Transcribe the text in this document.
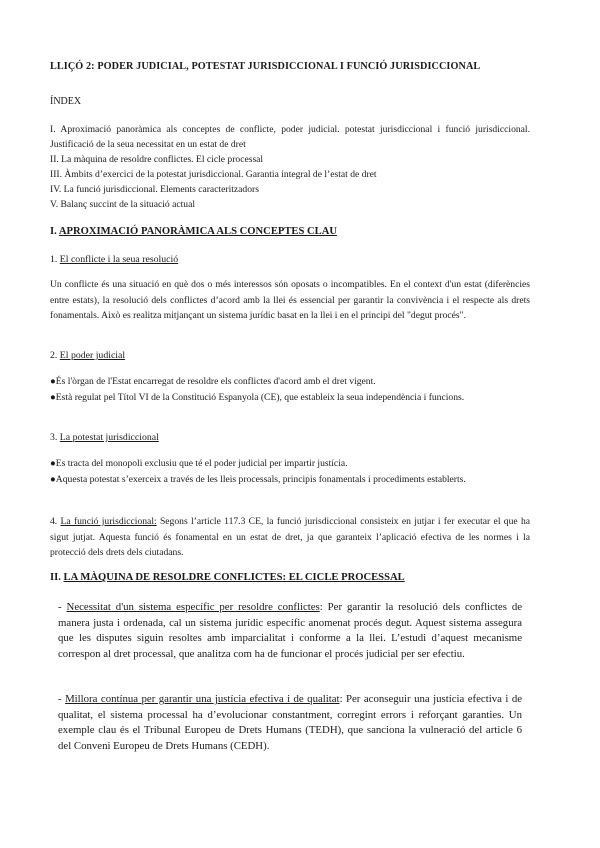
LLIÇÓ 2: PODER JUDICIAL, POTESTAT JURISDICCIONAL I FUNCIÓ JURISDICCIONAL
ÍNDEX
I. Aproximació panoràmica als conceptes de conflicte, poder judicial. potestat jurisdiccional i funció jurisdiccional. Justificació de la seua necessitat en un estat de dret
II. La màquina de resoldre conflictes. El cicle processal
III. Àmbits d’exercici de la potestat jurisdiccional. Garantia integral de l’estat de dret
IV. La funció jurisdiccional. Elements caracteritzadors
V. Balanç succint de la situació actual
I. APROXIMACIÓ PANORÀMICA ALS CONCEPTES CLAU
1. El conflicte i la seua resolució
Un conflicte és una situació en què dos o més interessos són oposats o incompatibles. En el context d'un estat (diferències entre estats), la resolució dels conflictes d’acord amb la llei és essencial per garantir la convivència i el respecte als drets fonamentals. Això es realitza mitjançant un sistema jurídic basat en la llei i en el principi del "degut procés".
2. El poder judicial
●És l'òrgan de l'Estat encarregat de resoldre els conflictes d'acord amb el dret vigent.
●Està regulat pel Títol VI de la Constitució Espanyola (CE), que estableix la seua independència i funcions.
3. La potestat jurisdiccional
●Es tracta del monopoli exclusiu que té el poder judicial per impartir justícia.
●Aquesta potestat s’exerceix a través de les lleis processals, principis fonamentals i procediments establerts.
4. La funció jurisdiccional: Segons l’article 117.3 CE, la funció jurisdiccional consisteix en jutjar i fer executar el que ha sigut jutjat. Aquesta funció és fonamental en un estat de dret, ja que garanteix l’aplicació efectiva de les normes i la protecció dels drets dels ciutadans.
II. LA MÀQUINA DE RESOLDRE CONFLICTES: EL CICLE PROCESSAL
- Necessitat d'un sistema específic per resoldre conflictes: Per garantir la resolució dels conflictes de manera justa i ordenada, cal un sistema jurídic específic anomenat procés degut. Aquest sistema assegura que les disputes siguin resoltes amb imparcialitat i conforme a la llei. L’estudi d’aquest mecanisme correspon al dret processal, que analitza com ha de funcionar el procés judicial per ser efectiu.
- Millora contínua per garantir una justícia efectiva i de qualitat: Per aconseguir una justícia efectiva i de qualitat, el sistema processal ha d’evolucionar constantment, corregint errors i reforçant garanties. Un exemple clau és el Tribunal Europeu de Drets Humans (TEDH), que sanciona la vulneració del article 6 del Conveni Europeu de Drets Humans (CEDH).
